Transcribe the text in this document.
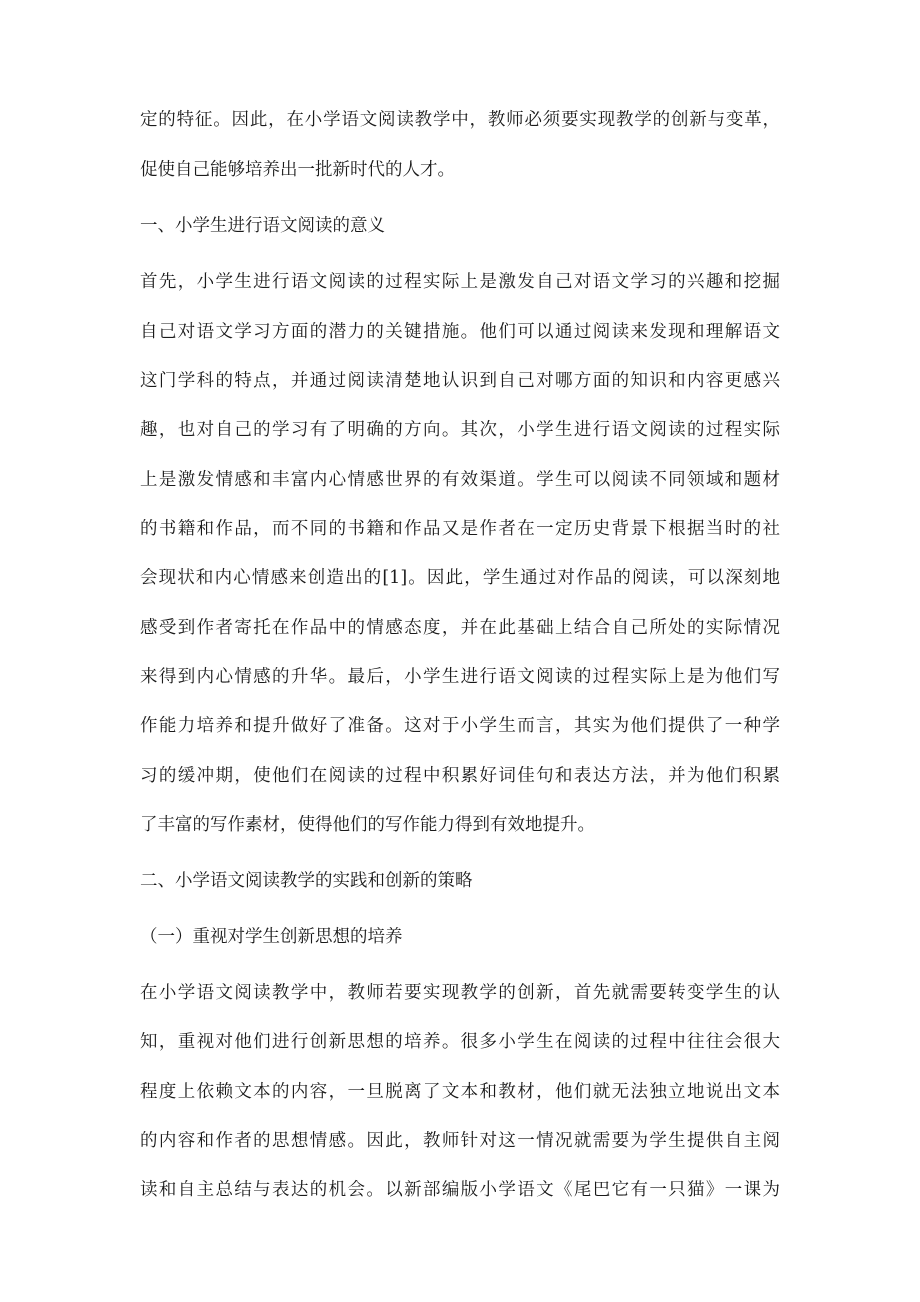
定的特征。因此，在小学语文阅读教学中，教师必须要实现教学的创新与变革，

促使自己能够培养出一批新时代的人才。

一、小学生进行语文阅读的意义

首先，小学生进行语文阅读的过程实际上是激发自己对语文学习的兴趣和挖掘

自己对语文学习方面的潜力的关键措施。他们可以通过阅读来发现和理解语文

这门学科的特点，并通过阅读清楚地认识到自己对哪方面的知识和内容更感兴

趣，也对自己的学习有了明确的方向。其次，小学生进行语文阅读的过程实际

上是激发情感和丰富内心情感世界的有效渠道。学生可以阅读不同领域和题材

的书籍和作品，而不同的书籍和作品又是作者在一定历史背景下根据当时的社

会现状和内心情感来创造出的[1]。因此，学生通过对作品的阅读，可以深刻地

感受到作者寄托在作品中的情感态度，并在此基础上结合自己所处的实际情况

来得到内心情感的升华。最后，小学生进行语文阅读的过程实际上是为他们写

作能力培养和提升做好了准备。这对于小学生而言，其实为他们提供了一种学

习的缓冲期，使他们在阅读的过程中积累好词佳句和表达方法，并为他们积累

了丰富的写作素材，使得他们的写作能力得到有效地提升。

二、小学语文阅读教学的实践和创新的策略

（一）重视对学生创新思想的培养

在小学语文阅读教学中，教师若要实现教学的创新，首先就需要转变学生的认

知，重视对他们进行创新思想的培养。很多小学生在阅读的过程中往往会很大

程度上依赖文本的内容，一旦脱离了文本和教材，他们就无法独立地说出文本

的内容和作者的思想情感。因此，教师针对这一情况就需要为学生提供自主阅

读和自主总结与表达的机会。以新部编版小学语文《尾巴它有一只猫》一课为
